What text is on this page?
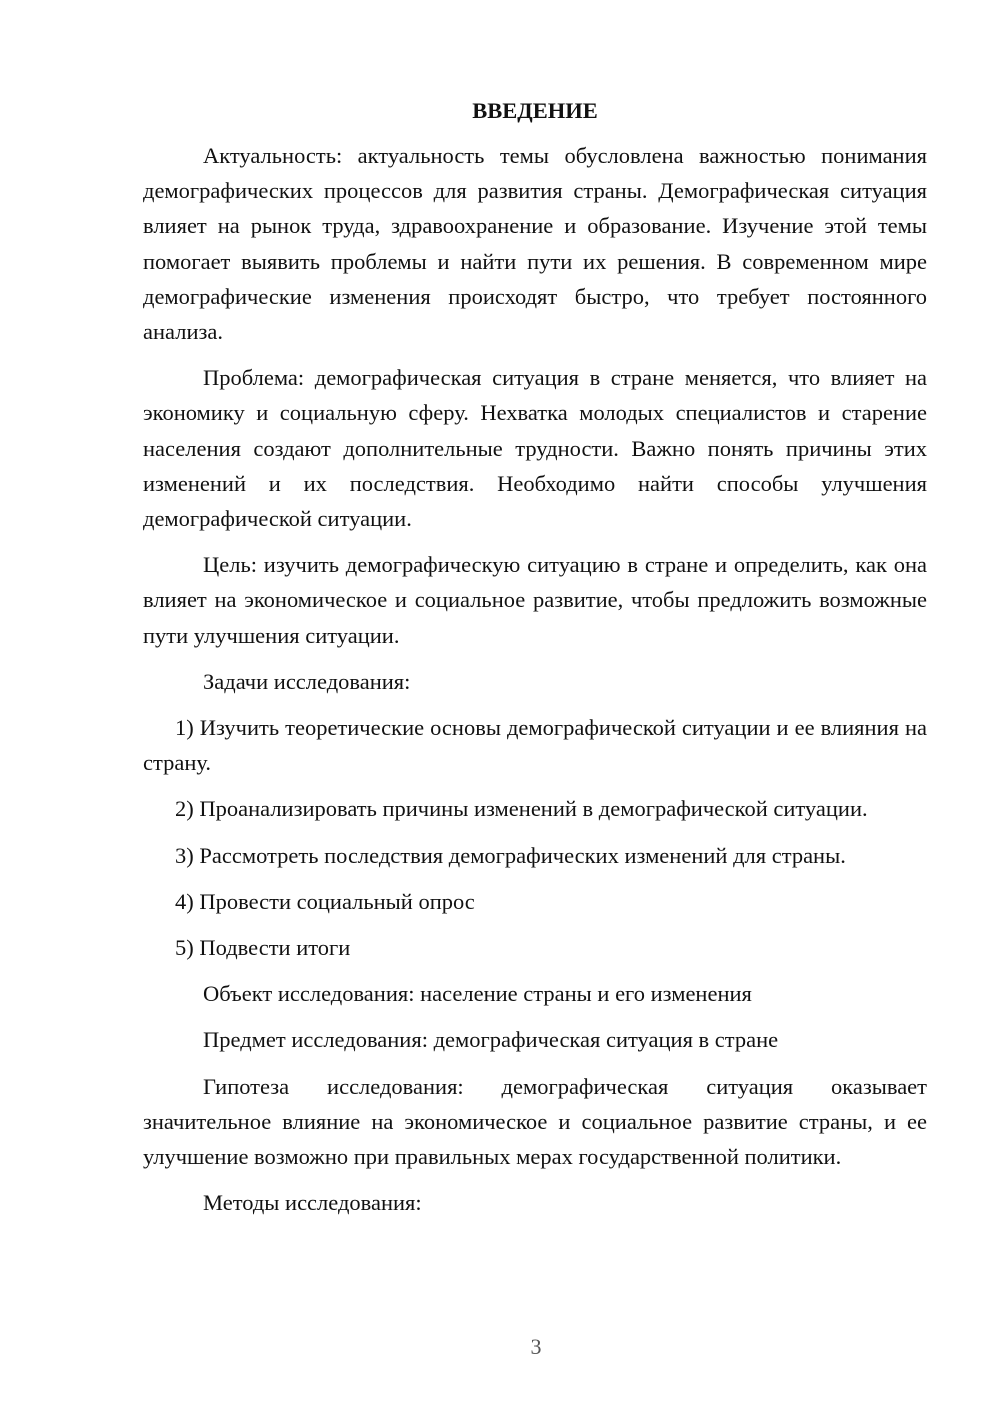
ВВЕДЕНИЕ

Актуальность: актуальность темы обусловлена важностью понимания демографических процессов для развития страны. Демографическая ситуация влияет на рынок труда, здравоохранение и образование. Изучение этой темы помогает выявить проблемы и найти пути их решения. В современном мире демографические изменения происходят быстро, что требует постоянного анализа.

Проблема: демографическая ситуация в стране меняется, что влияет на экономику и социальную сферу. Нехватка молодых специалистов и старение населения создают дополнительные трудности. Важно понять причины этих изменений и их последствия. Необходимо найти способы улучшения демографической ситуации.

Цель: изучить демографическую ситуацию в стране и определить, как она влияет на экономическое и социальное развитие, чтобы предложить возможные пути улучшения ситуации.

Задачи исследования:

1) Изучить теоретические основы демографической ситуации и ее влияния на страну.

2) Проанализировать причины изменений в демографической ситуации.

3) Рассмотреть последствия демографических изменений для страны.

4) Провести социальный опрос

5) Подвести итоги

Объект исследования: население страны и его изменения

Предмет исследования: демографическая ситуация в стране

Гипотеза исследования: демографическая ситуация оказывает значительное влияние на экономическое и социальное развитие страны, и ее улучшение возможно при правильных мерах государственной политики.

Методы исследования:

3
